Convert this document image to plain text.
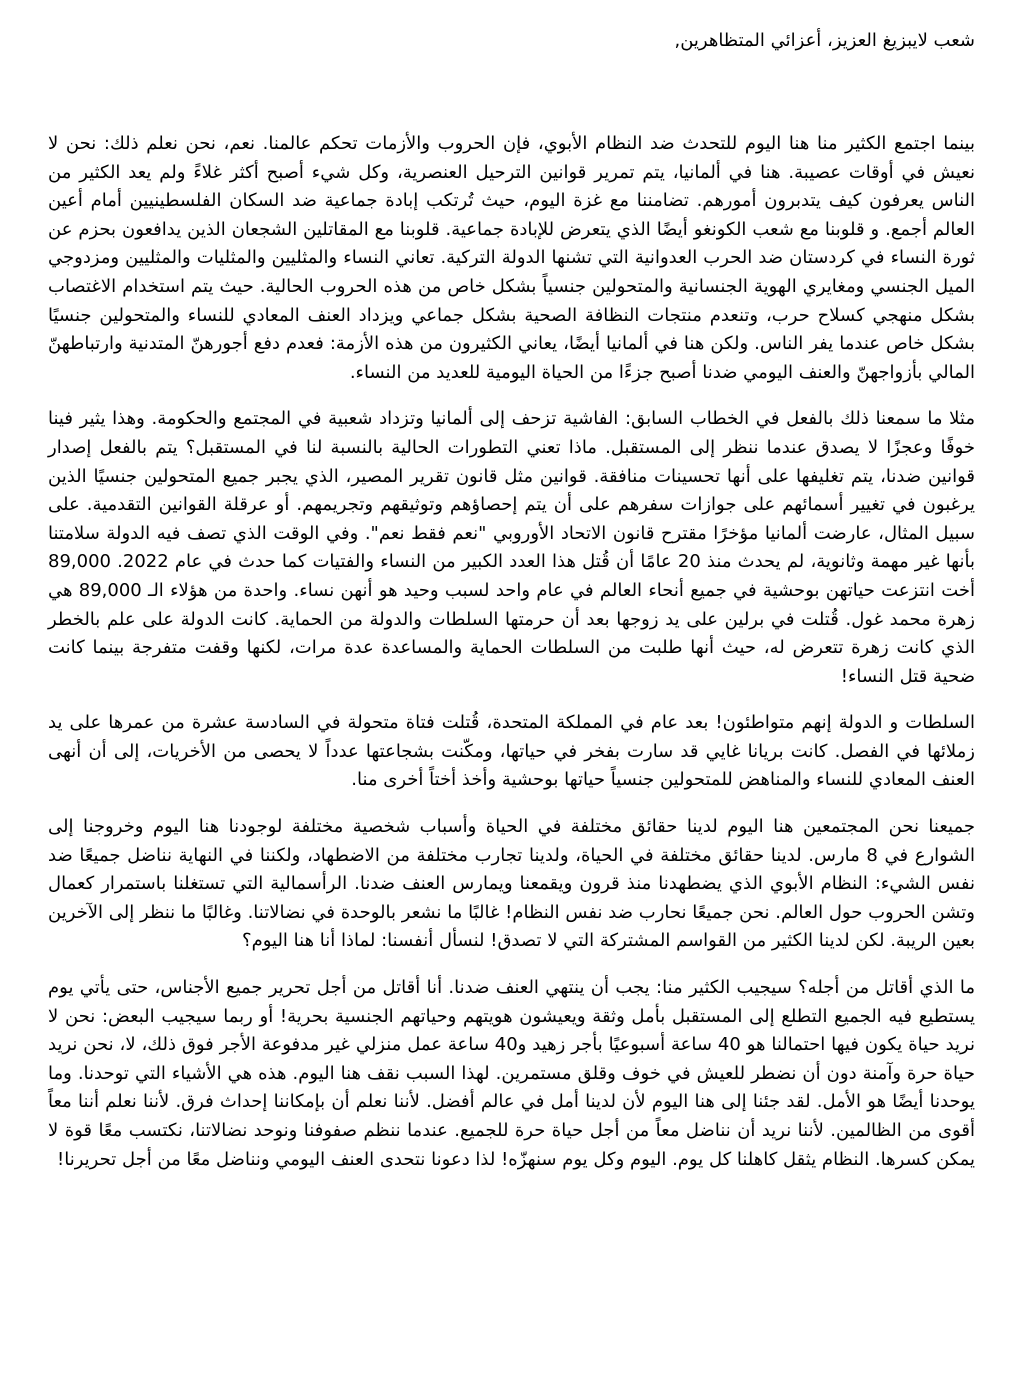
شعب لايبزيغ العزيز، أعزائي المتظاهرين,

بينما اجتمع الكثير منا هنا اليوم للتحدث ضد النظام الأبوي، فإن الحروب والأزمات تحكم عالمنا. نعم، نحن نعلم ذلك: نحن لا نعيش في أوقات عصيبة. هنا في ألمانيا، يتم تمرير قوانين الترحيل العنصرية، وكل شيء أصبح أكثر غلاءً ولم يعد الكثير من الناس يعرفون كيف يتدبرون أمورهم. تضامننا مع غزة اليوم، حيث تُرتكب إبادة جماعية ضد السكان الفلسطينيين أمام أعين العالم أجمع. و قلوبنا مع شعب الكونغو أيضًا الذي يتعرض للإبادة جماعية. قلوبنا مع المقاتلين الشجعان الذين يدافعون بحزم عن ثورة النساء في كردستان ضد الحرب العدوانية التي تشنها الدولة التركية. تعاني النساء والمثليين والمثليات والمثليين ومزدوجي الميل الجنسي ومغايري الهوية الجنسانية والمتحولين جنسياً بشكل خاص من هذه الحروب الحالية. حيث يتم استخدام الاغتصاب بشكل منهجي كسلاح حرب، وتنعدم منتجات النظافة الصحية بشكل جماعي ويزداد العنف المعادي للنساء والمتحولين جنسيًا بشكل خاص عندما يفر الناس. ولكن هنا في ألمانيا أيضًا، يعاني الكثيرون من هذه الأزمة: فعدم دفع أجورهنّ المتدنية وارتباطهنّ المالي بأزواجهنّ والعنف اليومي ضدنا أصبح جزءًا من الحياة اليومية للعديد من النساء.

مثلا ما سمعنا ذلك بالفعل في الخطاب السابق: الفاشية تزحف إلى ألمانيا وتزداد شعبية في المجتمع والحكومة. وهذا يثير فينا خوفًا وعجزًا لا يصدق عندما ننظر إلى المستقبل. ماذا تعني التطورات الحالية بالنسبة لنا في المستقبل؟ يتم بالفعل إصدار قوانين ضدنا، يتم تغليفها على أنها تحسينات منافقة. قوانين مثل قانون تقرير المصير، الذي يجبر جميع المتحولين جنسيًا الذين يرغبون في تغيير أسمائهم على جوازات سفرهم على أن يتم إحصاؤهم وتوثيقهم وتجريمهم. أو عرقلة القوانين التقدمية. على سبيل المثال، عارضت ألمانيا مؤخرًا مقترح قانون الاتحاد الأوروبي "نعم فقط نعم". وفي الوقت الذي تصف فيه الدولة سلامتنا بأنها غير مهمة وثانوية، لم يحدث منذ 20 عامًا أن قُتل هذا العدد الكبير من النساء والفتيات كما حدث في عام 2022. 89,000 أخت انتزعت حياتهن بوحشية في جميع أنحاء العالم في عام واحد لسبب وحيد هو أنهن نساء. واحدة من هؤلاء الـ 89,000 هي زهرة محمد غول. قُتلت في برلين على يد زوجها بعد أن حرمتها السلطات والدولة من الحماية. كانت الدولة على علم بالخطر الذي كانت زهرة تتعرض له، حيث أنها طلبت من السلطات الحماية والمساعدة عدة مرات، لكنها وقفت متفرجة بينما كانت ضحية قتل النساء!

السلطات و الدولة إنهم متواطئون! بعد عام في المملكة المتحدة، قُتلت فتاة متحولة في السادسة عشرة من عمرها على يد زملائها في الفصل. كانت بريانا غايي قد سارت بفخر في حياتها، ومكّنت بشجاعتها عدداً لا يحصى من الأخريات، إلى أن أنهى العنف المعادي للنساء والمناهض للمتحولين جنسياً حياتها بوحشية وأخذ أختاً أخرى منا.

جميعنا نحن المجتمعين هنا اليوم لدينا حقائق مختلفة في الحياة وأسباب شخصية مختلفة لوجودنا هنا اليوم وخروجنا إلى الشوارع في 8 مارس. لدينا حقائق مختلفة في الحياة، ولدينا تجارب مختلفة من الاضطهاد، ولكننا في النهاية نناضل جميعًا ضد نفس الشيء: النظام الأبوي الذي يضطهدنا منذ قرون ويقمعنا ويمارس العنف ضدنا. الرأسمالية التي تستغلنا باستمرار كعمال وتشن الحروب حول العالم. نحن جميعًا نحارب ضد نفس النظام! غالبًا ما نشعر بالوحدة في نضالاتنا. وغالبًا ما ننظر إلى الآخرين بعين الريبة. لكن لدينا الكثير من القواسم المشتركة التي لا تصدق! لنسأل أنفسنا: لماذا أنا هنا اليوم؟

ما الذي أقاتل من أجله؟ سيجيب الكثير منا: يجب أن ينتهي العنف ضدنا. أنا أقاتل من أجل تحرير جميع الأجناس، حتى يأتي يوم يستطيع فيه الجميع التطلع إلى المستقبل بأمل وثقة ويعيشون هويتهم وحياتهم الجنسية بحرية! أو ربما سيجيب البعض: نحن لا نريد حياة يكون فيها احتمالنا هو 40 ساعة أسبوعيًا بأجر زهيد و40 ساعة عمل منزلي غير مدفوعة الأجر فوق ذلك، لا، نحن نريد حياة حرة وآمنة دون أن نضطر للعيش في خوف وقلق مستمرين. لهذا السبب نقف هنا اليوم. هذه هي الأشياء التي توحدنا. وما يوحدنا أيضًا هو الأمل. لقد جئنا إلى هنا اليوم لأن لدينا أمل في عالم أفضل. لأننا نعلم أن بإمكاننا إحداث فرق. لأننا نعلم أننا معاً أقوى من الظالمين. لأننا نريد أن نناضل معاً من أجل حياة حرة للجميع. عندما ننظم صفوفنا ونوحد نضالاتنا، نكتسب معًا قوة لا يمكن كسرها. النظام يثقل كاهلنا كل يوم. اليوم وكل يوم سنهزّه! لذا دعونا نتحدى العنف اليومي ونناضل معًا من أجل تحريرنا!
